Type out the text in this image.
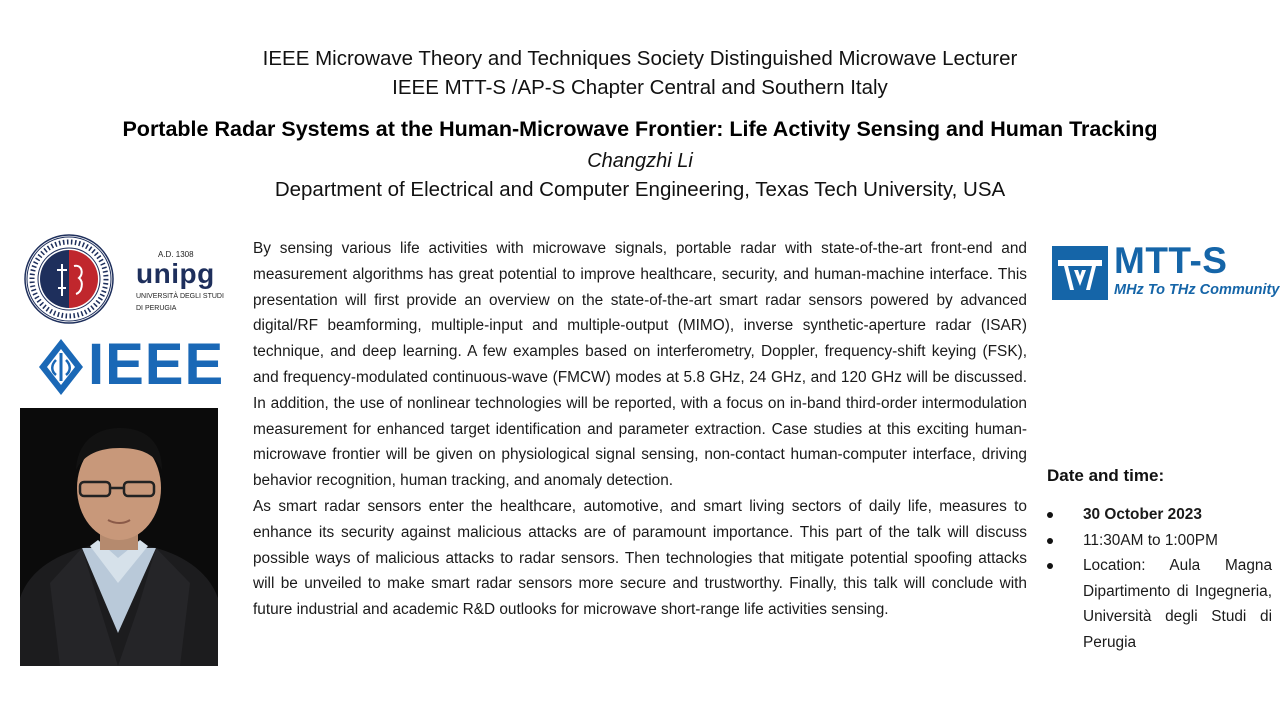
IEEE Microwave Theory and Techniques Society Distinguished Microwave Lecturer
IEEE MTT-S /AP-S Chapter Central and Southern Italy
Portable Radar Systems at the Human-Microwave Frontier: Life Activity Sensing and Human Tracking
Changzhi Li
Department of Electrical and Computer Engineering, Texas Tech University, USA
A.D. 1308
unipg
UNIVERSITÀ DEGLI STUDI
DI PERUGIA
IEEE

By sensing various life activities with microwave signals, portable radar with state-of-the-art front-end and measurement algorithms has great potential to improve healthcare, security, and human-machine interface. This presentation will first provide an overview on the state-of-the-art smart radar sensors powered by advanced digital/RF beamforming, multiple-input and multiple-output (MIMO), inverse synthetic-aperture radar (ISAR) technique, and deep learning. A few examples based on interferometry, Doppler, frequency-shift keying (FSK), and frequency-modulated continuous-wave (FMCW) modes at 5.8 GHz, 24 GHz, and 120 GHz will be discussed. In addition, the use of nonlinear technologies will be reported, with a focus on in-band third-order intermodulation measurement for enhanced target identification and parameter extraction. Case studies at this exciting human-microwave frontier will be given on physiological signal sensing, non-contact human-computer interface, driving behavior recognition, human tracking, and anomaly detection.

As smart radar sensors enter the healthcare, automotive, and smart living sectors of daily life, measures to enhance its security against malicious attacks are of paramount importance. This part of the talk will discuss possible ways of malicious attacks to radar sensors. Then technologies that mitigate potential spoofing attacks will be unveiled to make smart radar sensors more secure and trustworthy. Finally, this talk will conclude with future industrial and academic R&D outlooks for microwave short-range life activities sensing.

MTT-S
MHz To THz Community
Date and time:
30 October 2023
11:30AM to 1:00PM
Location: Aula Magna Dipartimento di Ingegneria, Università degli Studi di Perugia
